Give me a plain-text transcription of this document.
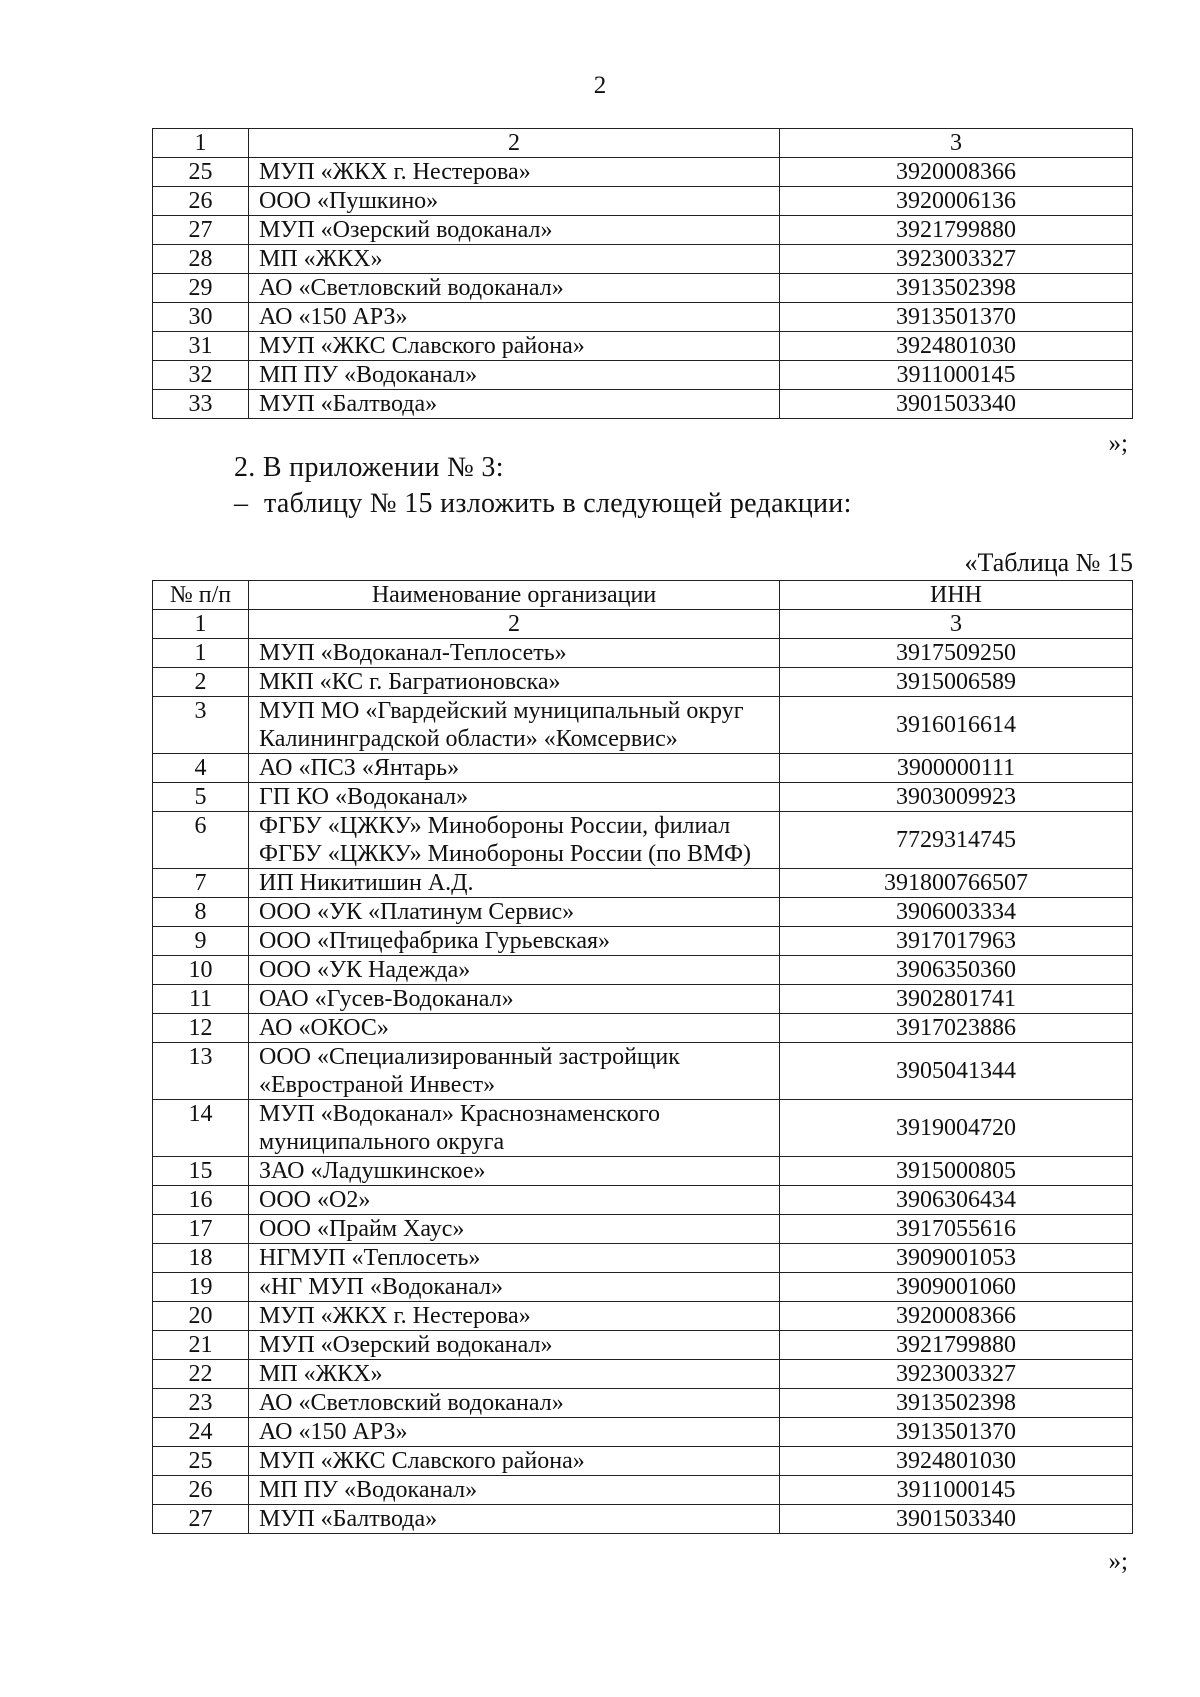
2
1	2	3
25	МУП «ЖКХ г. Нестерова»	3920008366
26	ООО «Пушкино»	3920006136
27	МУП «Озерский водоканал»	3921799880
28	МП «ЖКХ»	3923003327
29	АО «Светловский водоканал»	3913502398
30	АО «150 АРЗ»	3913501370
31	МУП «ЖКС Славского района»	3924801030
32	МП ПУ «Водоканал»	3911000145
33	МУП «Балтвода»	3901503340
»;
2. В приложении № 3:
– таблицу № 15 изложить в следующей редакции:
«Таблица № 15
№ п/п	Наименование организации	ИНН
1	2	3
1	МУП «Водоканал-Теплосеть»	3917509250
2	МКП «КС г. Багратионовска»	3915006589
3	МУП МО «Гвардейский муниципальный округ Калининградской области» «Комсервис»	3916016614
4	АО «ПСЗ «Янтарь»	3900000111
5	ГП КО «Водоканал»	3903009923
6	ФГБУ «ЦЖКУ» Минобороны России, филиал ФГБУ «ЦЖКУ» Минобороны России (по ВМФ)	7729314745
7	ИП Никитишин А.Д.	391800766507
8	ООО «УК «Платинум Сервис»	3906003334
9	ООО «Птицефабрика Гурьевская»	3917017963
10	ООО «УК Надежда»	3906350360
11	ОАО «Гусев-Водоканал»	3902801741
12	АО «ОКОС»	3917023886
13	ООО «Специализированный застройщик «Евространой Инвест»	3905041344
14	МУП «Водоканал» Краснознаменского муниципального округа	3919004720
15	ЗАО «Ладушкинское»	3915000805
16	ООО «О2»	3906306434
17	ООО «Прайм Хаус»	3917055616
18	НГМУП «Теплосеть»	3909001053
19	«НГ МУП «Водоканал»	3909001060
20	МУП «ЖКХ г. Нестерова»	3920008366
21	МУП «Озерский водоканал»	3921799880
22	МП «ЖКХ»	3923003327
23	АО «Светловский водоканал»	3913502398
24	АО «150 АРЗ»	3913501370
25	МУП «ЖКС Славского района»	3924801030
26	МП ПУ «Водоканал»	3911000145
27	МУП «Балтвода»	3901503340
»;
